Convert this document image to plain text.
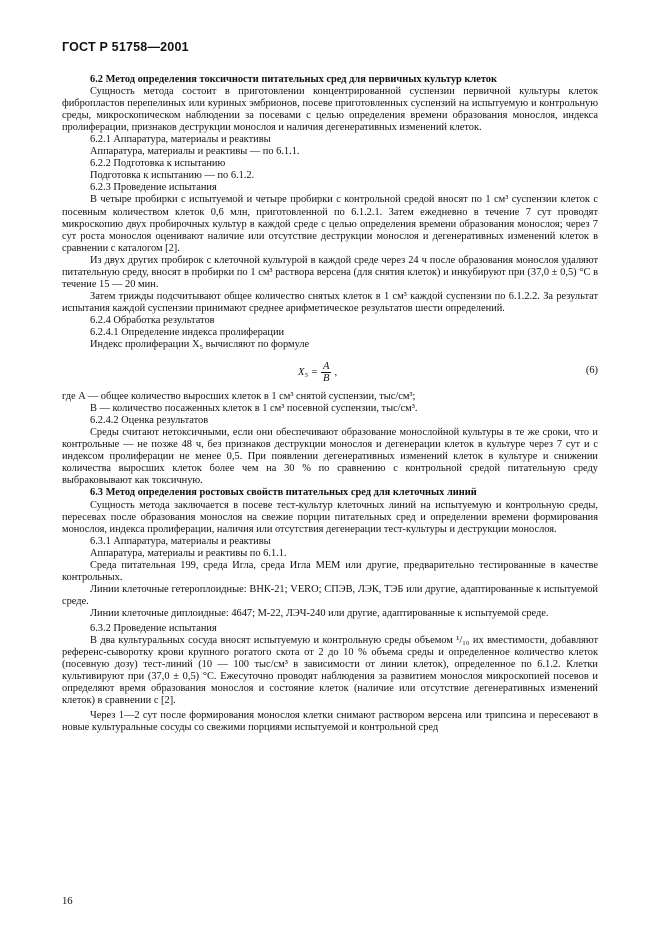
ГОСТ Р 51758—2001

6.2 Метод определения токсичности питательных сред для первичных культур клеток

Сущность метода состоит в приготовлении концентрированной суспензии первичной культуры клеток фибропластов перепелиных или куриных эмбрионов, посеве приготовленных суспензий на испытуемую и контрольную среды, микроскопическом наблюдении за посевами с целью определения времени образования монослоя, индекса пролиферации, признаков деструкции монослоя и наличия дегенеративных изменений клеток.

6.2.1 Аппаратура, материалы и реактивы

Аппаратура, материалы и реактивы — по 6.1.1.

6.2.2 Подготовка к испытанию

Подготовка к испытанию — по 6.1.2.

6.2.3 Проведение испытания

В четыре пробирки с испытуемой и четыре пробирки с контрольной средой вносят по 1 см³ суспензии клеток с посевным количеством клеток 0,6 млн, приготовленной по 6.1.2.1. Затем ежедневно в течение 7 сут проводят микроскопию двух пробирочных культур в каждой среде с целью определения времени образования монослоя; через 7 сут роста монослоя оценивают наличие или отсутствие деструкции монослоя и дегенеративных изменений клеток в сравнении с каталогом [2].

Из двух других пробирок с клеточной культурой в каждой среде через 24 ч после образования монослоя удаляют питательную среду, вносят в пробирки по 1 см³ раствора версена (для снятия клеток) и инкубируют при (37,0 ± 0,5) °С в течение 15 — 20 мин.

Затем трижды подсчитывают общее количество снятых клеток в 1 см³ каждой суспензии по 6.1.2.2. За результат испытания каждой суспензии принимают среднее арифметическое результатов шести определений.

6.2.4 Обработка результатов

6.2.4.1 Определение индекса пролиферации

Индекс пролиферации X₅ вычисляют по формуле

$X_5 = \frac{A}{B}$ ,	(6)

где A — общее количество выросших клеток в 1 см³ снятой суспензии, тыс/см³;

B — количество посаженных клеток в 1 см³ посевной суспензии, тыс/см³.

6.2.4.2 Оценка результатов

Среды считают нетоксичными, если они обеспечивают образование монослойной культуры в те же сроки, что и контрольные — не позже 48 ч, без признаков деструкции монослоя и дегенерации клеток в культуре через 7 сут и с индексом пролиферации не менее 0,5. При появлении дегенеративных изменений клеток в культуре и снижении количества выросших клеток более чем на 30 % по сравнению с контрольной средой питательную среду выбраковывают как токсичную.

6.3 Метод определения ростовых свойств питательных сред для клеточных линий

Сущность метода заключается в посеве тест-культур клеточных линий на испытуемую и контрольную среды, пересевах после образования монослоя на свежие порции питательных сред и определении времени формирования монослоя, индекса пролиферации, наличия или отсутствия дегенерации тест-культуры и деструкции монослоя.

6.3.1 Аппаратура, материалы и реактивы

Аппаратура, материалы и реактивы по 6.1.1.

Среда питательная 199, среда Игла, среда Игла МЕМ или другие, предварительно тестированные в качестве контрольных.

Линии клеточные гетероплоидные: ВНК-21; VERO; СПЭВ, ЛЭК, ТЭБ или другие, адаптированные к испытуемой среде.

Линии клеточные диплоидные: 4647; М-22, ЛЭЧ-240 или другие, адаптированные к испытуемой среде.

6.3.2 Проведение испытания

В два культуральных сосуда вносят испытуемую и контрольную среды объемом ¹/₁₀ их вместимости, добавляют референс-сыворотку крови крупного рогатого скота от 2 до 10 % объема среды и определенное количество клеток (посевную дозу) тест-линий (10 — 100 тыс/см³ в зависимости от линии клеток), определенное по 6.1.2. Клетки культивируют при (37,0 ± 0,5) °С. Ежесуточно проводят наблюдения за развитием монослоя микроскопией посевов и определяют время образования монослоя и состояние клеток (наличие или отсутствие дегенеративных изменений клеток) в сравнении с [2].

Через 1—2 сут после формирования монослоя клетки снимают раствором версена или трипсина и пересевают в новые культуральные сосуды со свежими порциями испытуемой и контрольной сред

16
